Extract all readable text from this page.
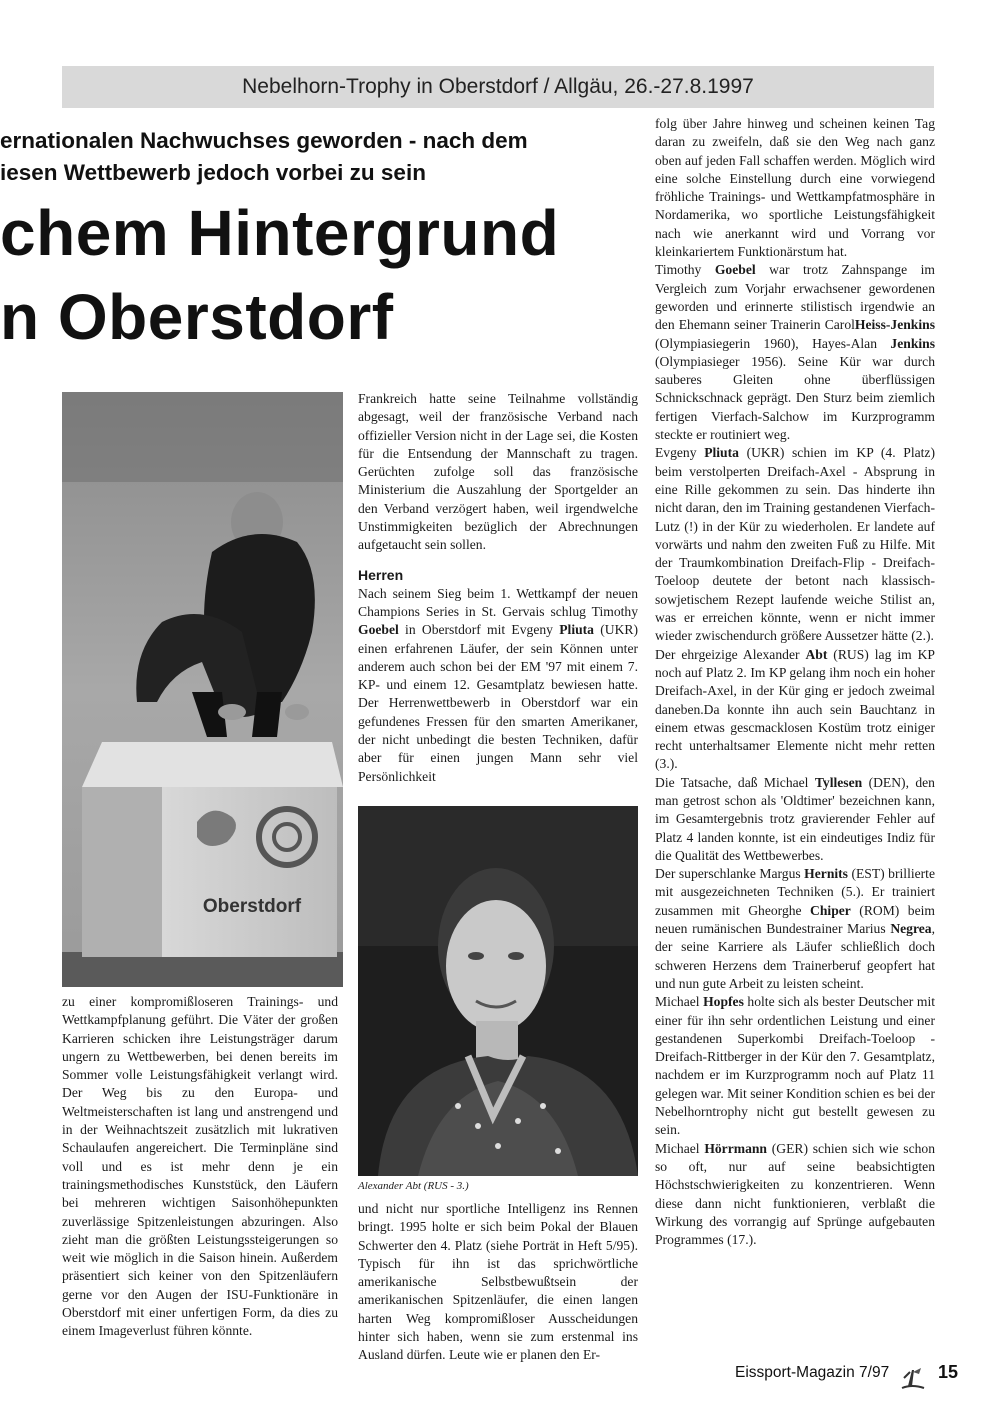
Nebelhorn-Trophy in Oberstdorf / Allgäu, 26.-27.8.1997
ernationalen Nachwuchses geworden - nach dem
iesen Wettbewerb jedoch vorbei zu sein
chem Hintergrund
n Oberstdorf
Oberstdorf

zu einer kompromißloseren Trainings- und Wettkampfplanung geführt. Die Väter der großen Karrieren schicken ihre Leistungsträger darum ungern zu Wettbewerben, bei denen bereits im Sommer volle Leistungsfähigkeit verlangt wird. Der Weg bis zu den Europa- und Weltmeisterschaften ist lang und anstrengend und in der Weihnachtszeit zusätzlich mit lukrativen Schaulaufen angereichert. Die Terminpläne sind voll und es ist mehr denn je ein trainingsmethodisches Kunststück, den Läufern bei mehreren wichtigen Saisonhöhepunkten zuverlässige Spitzenleistungen abzuringen. Also zieht man die größten Leistungssteigerungen so weit wie möglich in die Saison hinein. Außerdem präsentiert sich keiner von den Spitzenläufern gerne vor den Augen der ISU-Funktionäre in Oberstdorf mit einer unfertigen Form, da dies zu einem Imageverlust führen könnte.

Frankreich hatte seine Teilnahme vollständig abgesagt, weil der französische Verband nach offizieller Version nicht in der Lage sei, die Kosten für die Entsendung der Mannschaft zu tragen. Gerüchten zufolge soll das französische Ministerium die Auszahlung der Sportgelder an den Verband verzögert haben, weil irgendwelche Unstimmigkeiten bezüglich der Abrechnungen aufgetaucht sein sollen.

Herren

Nach seinem Sieg beim 1. Wettkampf der neuen Champions Series in St. Gervais schlug Timothy Goebel in Oberstdorf mit Evgeny Pliuta (UKR) einen erfahrenen Läufer, der sein Können unter anderem auch schon bei der EM '97 mit einem 7. KP- und einem 12. Gesamtplatz bewiesen hatte. Der Herrenwettbewerb in Oberstdorf war ein gefundenes Fressen für den smarten Amerikaner, der nicht unbedingt die besten Techniken, dafür aber für einen jungen Mann sehr viel Persönlichkeit

Alexander Abt (RUS - 3.)

und nicht nur sportliche Intelligenz ins Rennen bringt. 1995 holte er sich beim Pokal der Blauen Schwerter den 4. Platz (siehe Porträt in Heft 5/95). Typisch für ihn ist das sprichwörtliche amerikanische Selbstbewußtsein der amerikanischen Spitzenläufer, die einen langen harten Weg kompromißloser Ausscheidungen hinter sich haben, wenn sie zum erstenmal ins Ausland dürfen. Leute wie er planen den Er-

folg über Jahre hinweg und scheinen keinen Tag daran zu zweifeln, daß sie den Weg nach ganz oben auf jeden Fall schaffen werden. Möglich wird eine solche Einstellung durch eine vorwiegend fröhliche Trainings- und Wettkampfatmosphäre in Nordamerika, wo sportliche Leistungsfähigkeit nach wie anerkannt wird und Vorrang vor kleinkariertem Funktionärstum hat.

Timothy Goebel war trotz Zahnspange im Vergleich zum Vorjahr erwachsener gewordenen geworden und erinnerte stilistisch irgendwie an den Ehemann seiner Trainerin CarolHeiss-Jenkins (Olympiasiegerin 1960), Hayes-Alan Jenkins (Olympiasieger 1956). Seine Kür war durch sauberes Gleiten ohne überflüssigen Schnickschnack geprägt. Den Sturz beim ziemlich fertigen Vierfach-Salchow im Kurzprogramm steckte er routiniert weg.

Evgeny Pliuta (UKR) schien im KP (4. Platz) beim verstolperten Dreifach-Axel - Absprung in eine Rille gekommen zu sein. Das hinderte ihn nicht daran, den im Training gestandenen Vierfach-Lutz (!) in der Kür zu wiederholen. Er landete auf vorwärts und nahm den zweiten Fuß zu Hilfe. Mit der Traumkombination Dreifach-Flip - Dreifach-Toeloop deutete der betont nach klassisch-sowjetischem Rezept laufende weiche Stilist an, was er erreichen könnte, wenn er nicht immer wieder zwischendurch größere Aussetzer hätte (2.).

Der ehrgeizige Alexander Abt (RUS) lag im KP noch auf Platz 2. Im KP gelang ihm noch ein hoher Dreifach-Axel, in der Kür ging er jedoch zweimal daneben.Da konnte ihn auch sein Bauchtanz in einem etwas gescmacklosen Kostüm trotz einiger recht unterhaltsamer Elemente nicht mehr retten (3.).

Die Tatsache, daß Michael Tyllesen (DEN), den man getrost schon als 'Oldtimer' bezeichnen kann, im Gesamtergebnis trotz gravierender Fehler auf Platz 4 landen konnte, ist ein eindeutiges Indiz für die Qualität des Wettbewerbes.

Der superschlanke Margus Hernits (EST) brillierte mit ausgezeichneten Techniken (5.). Er trainiert zusammen mit Gheorghe Chiper (ROM) beim neuen rumänischen Bundestrainer Marius Negrea, der seine Karriere als Läufer schließlich doch schweren Herzens dem Trainerberuf geopfert hat und nun gute Arbeit zu leisten scheint.

Michael Hopfes holte sich als bester Deutscher mit einer für ihn sehr ordentlichen Leistung und einer gestandenen Superkombi Dreifach-Toeloop - Dreifach-Rittberger in der Kür den 7. Gesamtplatz, nachdem er im Kurzprogramm noch auf Platz 11 gelegen war. Mit seiner Kondition schien es bei der Nebelhorntrophy nicht gut bestellt gewesen zu sein.

Michael Hörrmann (GER) schien sich wie schon so oft, nur auf seine beabsichtigten Höchstschwierigkeiten zu konzentrieren. Wenn diese dann nicht funktionieren, verblaßt die Wirkung des vorrangig auf Sprünge aufgebauten Programmes (17.).

Eissport-Magazin 7/97	15
